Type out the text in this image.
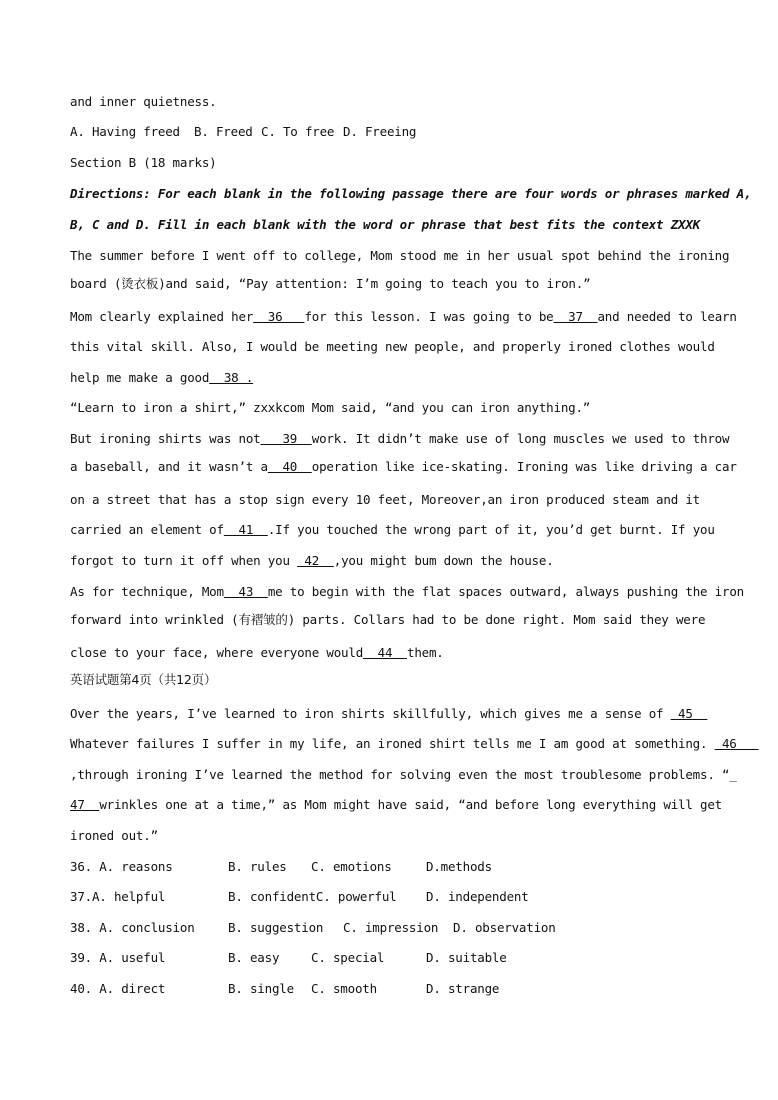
and inner quietness.
A. Having freed B. Freed C. To free D. Freeing
Section B (18 marks)
Directions: For each blank in the following passage there are four words or phrases marked A,
B, C and D. Fill in each blank with the word or phrase that best fits the context ZXXK
The summer before I went off to college, Mom stood me in her usual spot behind the ironing
board (烫衣板)and said, “Pay attention: I’m going to teach you to iron.”
Mom clearly explained her  36   for this lesson. I was going to be  37  and needed to learn
this vital skill. Also, I would be meeting new people, and properly ironed clothes would
help me make a good  38 .
“Learn to iron a shirt,” zxxkcom Mom said, “and you can iron anything.”
But ironing shirts was not   39  work. It didn’t make use of long muscles we used to throw
a baseball, and it wasn’t a  40  operation like ice-skating. Ironing was like driving a car
on a street that has a stop sign every 10 feet, Moreover,an iron produced steam and it
carried an element of  41  .If you touched the wrong part of it, you’d get burnt. If you
forgot to turn it off when you  42  ,you might bum down the house.
As for technique, Mom  43  me to begin with the flat spaces outward, always pushing the iron
forward into wrinkled (有褶皱的) parts. Collars had to be done right. Mom said they were
close to your face, where everyone would  44  them.
英语试题第4页（共12页）
Over the years, I’ve learned to iron shirts skillfully, which gives me a sense of  45
Whatever failures I suffer in my life, an ironed shirt tells me I am good at something.  46
,through ironing I’ve learned the method for solving even the most troublesome problems. “_
47  wrinkles one at a time,” as Mom might have said, “and before long everything will get
ironed out.”
36. A. reasons	B. rules C. emotions	D.methods
37.A. helpful	B. confidentC. powerful D. independent
38. A. conclusion	B. suggestion C. impression D. observation
39. A. useful	B. easy	C. special	D. suitable
40. A. direct	B. single C. smooth	D. strange
